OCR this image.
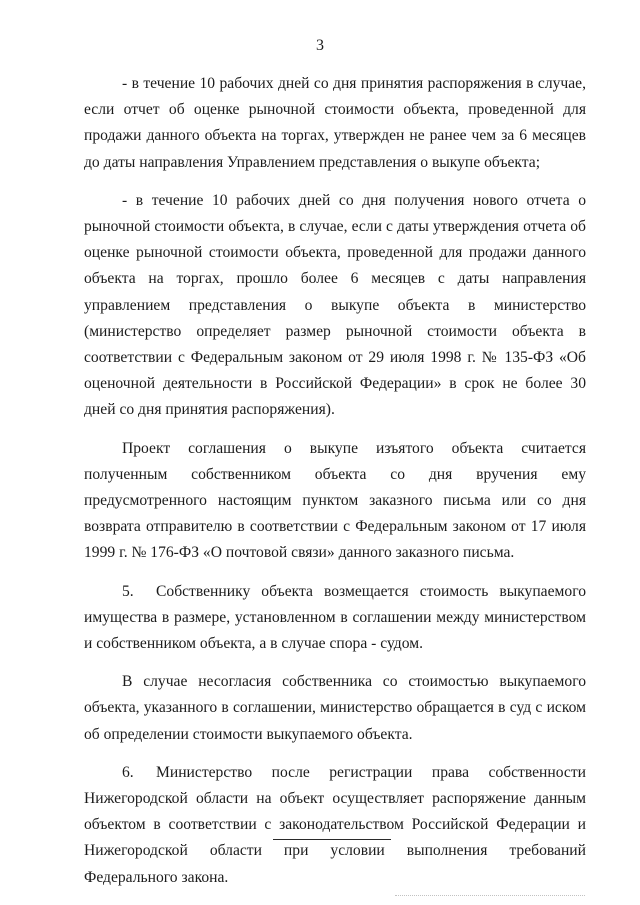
3

- в течение 10 рабочих дней со дня принятия распоряжения в случае, если отчет об оценке рыночной стоимости объекта, проведенной для продажи данного объекта на торгах, утвержден не ранее чем за 6 месяцев до даты направления Управлением представления о выкупе объекта;

- в течение 10 рабочих дней со дня получения нового отчета о рыночной стоимости объекта, в случае, если с даты утверждения отчета об оценке рыночной стоимости объекта, проведенной для продажи данного объекта на торгах, прошло более 6 месяцев с даты направления управлением представления о выкупе объекта в министерство (министерство определяет размер рыночной стоимости объекта в соответствии с Федеральным законом от 29 июля 1998 г. № 135-ФЗ «Об оценочной деятельности в Российской Федерации» в срок не более 30 дней со дня принятия распоряжения).

Проект соглашения о выкупе изъятого объекта считается полученным собственником объекта со дня вручения ему предусмотренного настоящим пунктом заказного письма или со дня возврата отправителю в соответствии с Федеральным законом от 17 июля 1999 г. № 176-ФЗ «О почтовой связи» данного заказного письма.

5. Собственнику объекта возмещается стоимость выкупаемого имущества в размере, установленном в соглашении между министерством и собственником объекта, а в случае спора - судом.

В случае несогласия собственника со стоимостью выкупаемого объекта, указанного в соглашении, министерство обращается в суд с иском об определении стоимости выкупаемого объекта.

6. Министерство после регистрации права собственности Нижегородской области на объект осуществляет распоряжение данным объектом в соответствии с законодательством Российской Федерации и Нижегородской области при условии выполнения требований Федерального закона.
